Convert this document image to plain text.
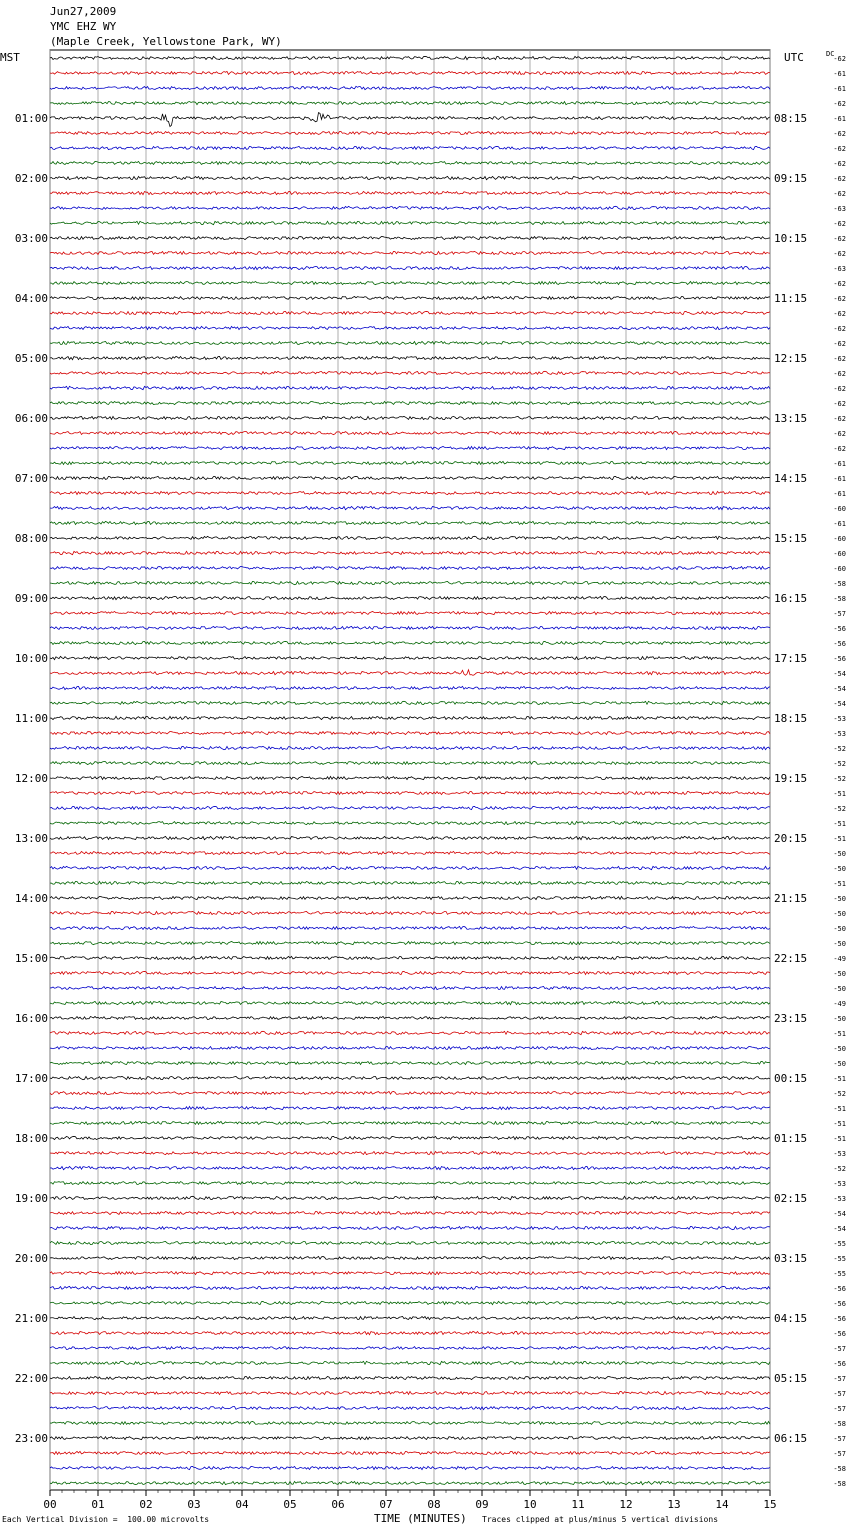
Jun27,2009
YMC EHZ WY
(Maple Creek, Yellowstone Park, WY)
00	01	02	03	04	05	06	07	08	09	10	11	12	13	14	15
-62
-61
-61
-62
-61
-62
-62
-62
-62
-62
-63
-62
-62
-62
-63
-62
-62
-62
-62
-62
-62
-62
-62
-62
-62
-62
-62
-61
-61
-61
-60
-61
-60
-60
-60
-58
-58
-57
-56
-56
-56
-54
-54
-54
-53
-53
-52
-52
-52
-51
-52
-51
-51
-50
-50
-51
-50
-50
-50
-50
-49
-50
-50
-49
-50
-51
-50
-50
-51
-52
-51
-51
-51
-53
-52
-53
-53
-54
-54
-55
-55
-55
-56
-56
-56
-56
-57
-56
-57
-57
-57
-58
-57
-57
-58
-58
01:00
02:00
03:00
04:00
05:00
06:00
07:00
08:00
09:00
10:00
11:00
12:00
13:00
14:00
15:00
16:00
17:00
18:00
19:00
20:00
21:00
22:00
23:00
08:15
09:15
10:15
11:15
12:15
13:15
14:15
15:15
16:15
17:15
18:15
19:15
20:15
21:15
22:15
23:15
00:15
01:15
02:15
03:15
04:15
05:15
06:15
MST	UTC	DC
Each Vertical Division =  100.00 microvolts	TIME (MINUTES) Traces clipped at plus/minus 5 vertical divisions
